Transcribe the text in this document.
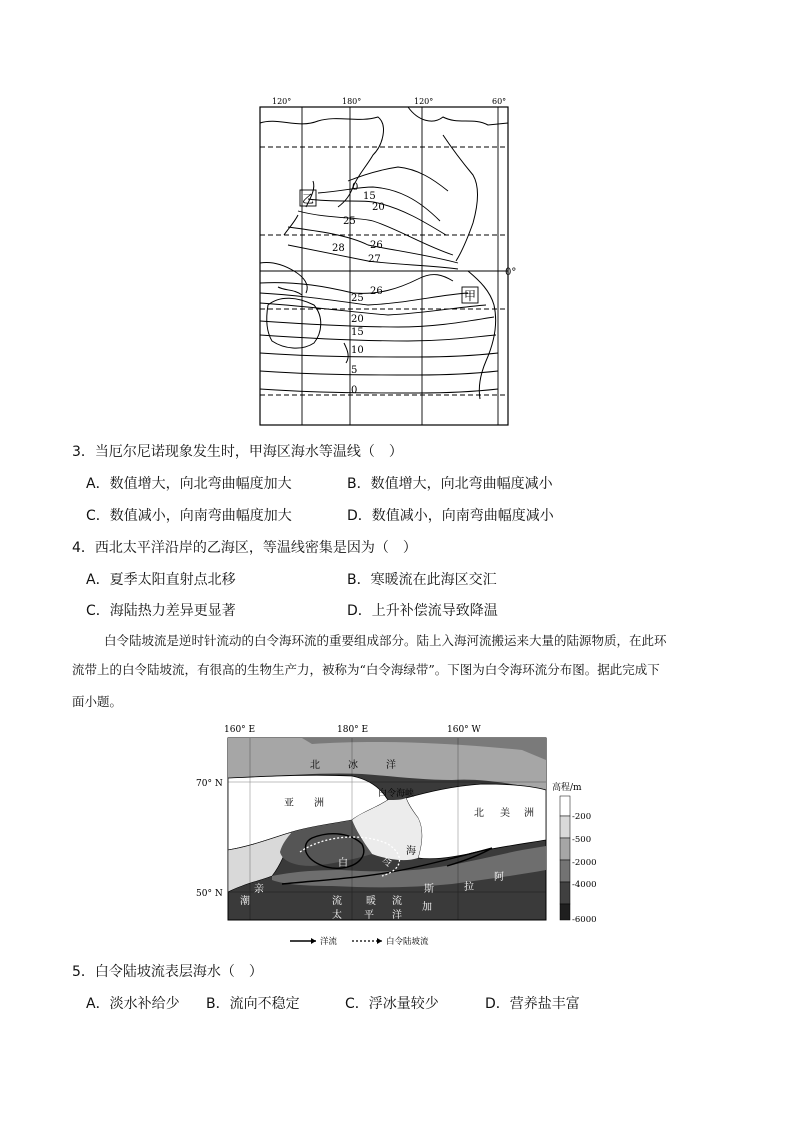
120°	180°	120°	60°
0°
0
15
20
25
28	26
27
26
25
20
15
10
5
0
甲
乙
3．当厄尔尼诺现象发生时，甲海区海水等温线（　）
A．数值增大，向北弯曲幅度加大	B．数值增大，向北弯曲幅度减小
C．数值减小，向南弯曲幅度加大	D．数值减小，向南弯曲幅度减小
4．西北太平洋沿岸的乙海区，等温线密集是因为（　）
A．夏季太阳直射点北移	B．寒暖流在此海区交汇
C．海陆热力差异更显著	D．上升补偿流导致降温
白令陆坡流是逆时针流动的白令海环流的重要组成部分。陆上入海河流搬运来大量的陆源物质，在此环
流带上的白令陆坡流，有很高的生物生产力，被称为“白令海绿带”。下图为白令海环流分布图。据此完成下
面小题。
160° E	180° E	160° W
70° N
50° N
北	冰	洋
亚 洲
白令海峡
北 美 洲
海
白	令
阿
拉
斯
加
亲
潮	流
太 平 洋
暖 流
高程/m
-200
-500
-2000
-4000
-6000
洋流	白令陆坡流
5．白令陆坡流表层海水（　）
A．淡水补给少 B．流向不稳定	C．浮冰量较少	D．营养盐丰富
